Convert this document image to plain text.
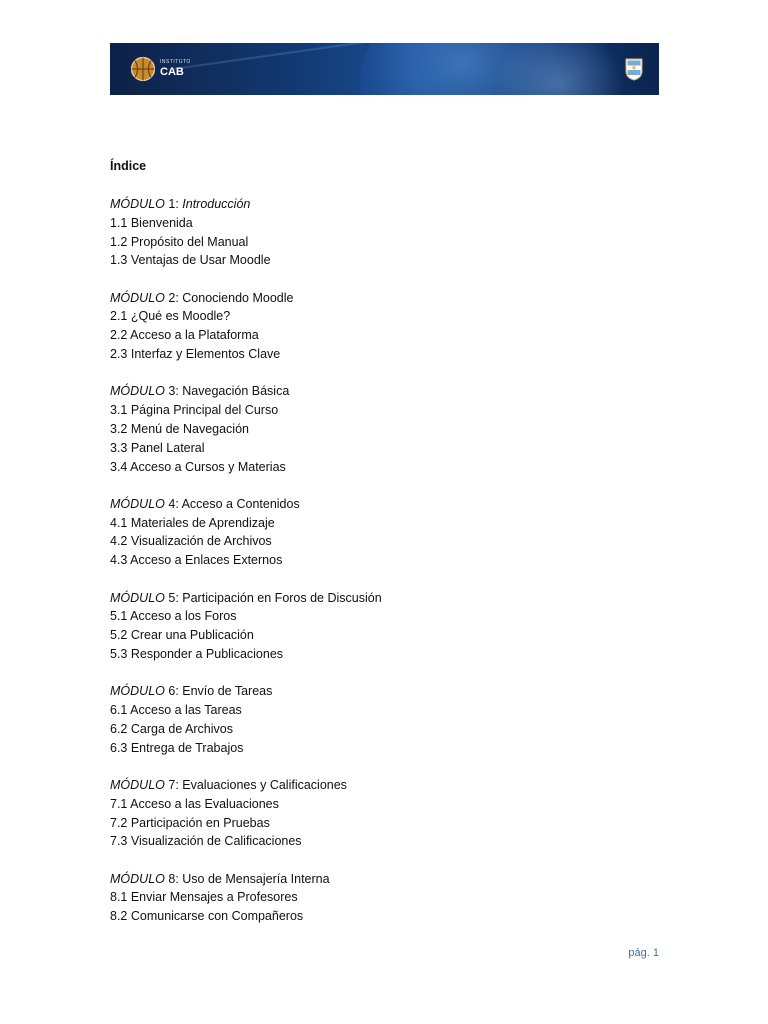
INSTITUTO
CAB
Índice
MÓDULO 1: Introducción
1.1 Bienvenida
1.2 Propósito del Manual
1.3 Ventajas de Usar Moodle
MÓDULO 2: Conociendo Moodle
2.1 ¿Qué es Moodle?
2.2 Acceso a la Plataforma
2.3 Interfaz y Elementos Clave
MÓDULO 3: Navegación Básica
3.1 Página Principal del Curso
3.2 Menú de Navegación
3.3 Panel Lateral
3.4 Acceso a Cursos y Materias
MÓDULO 4: Acceso a Contenidos
4.1 Materiales de Aprendizaje
4.2 Visualización de Archivos
4.3 Acceso a Enlaces Externos
MÓDULO 5: Participación en Foros de Discusión
5.1 Acceso a los Foros
5.2 Crear una Publicación
5.3 Responder a Publicaciones
MÓDULO 6: Envío de Tareas
6.1 Acceso a las Tareas
6.2 Carga de Archivos
6.3 Entrega de Trabajos
MÓDULO 7: Evaluaciones y Calificaciones
7.1 Acceso a las Evaluaciones
7.2 Participación en Pruebas
7.3 Visualización de Calificaciones
MÓDULO 8: Uso de Mensajería Interna
8.1 Enviar Mensajes a Profesores
8.2 Comunicarse con Compañeros
pág. 1
